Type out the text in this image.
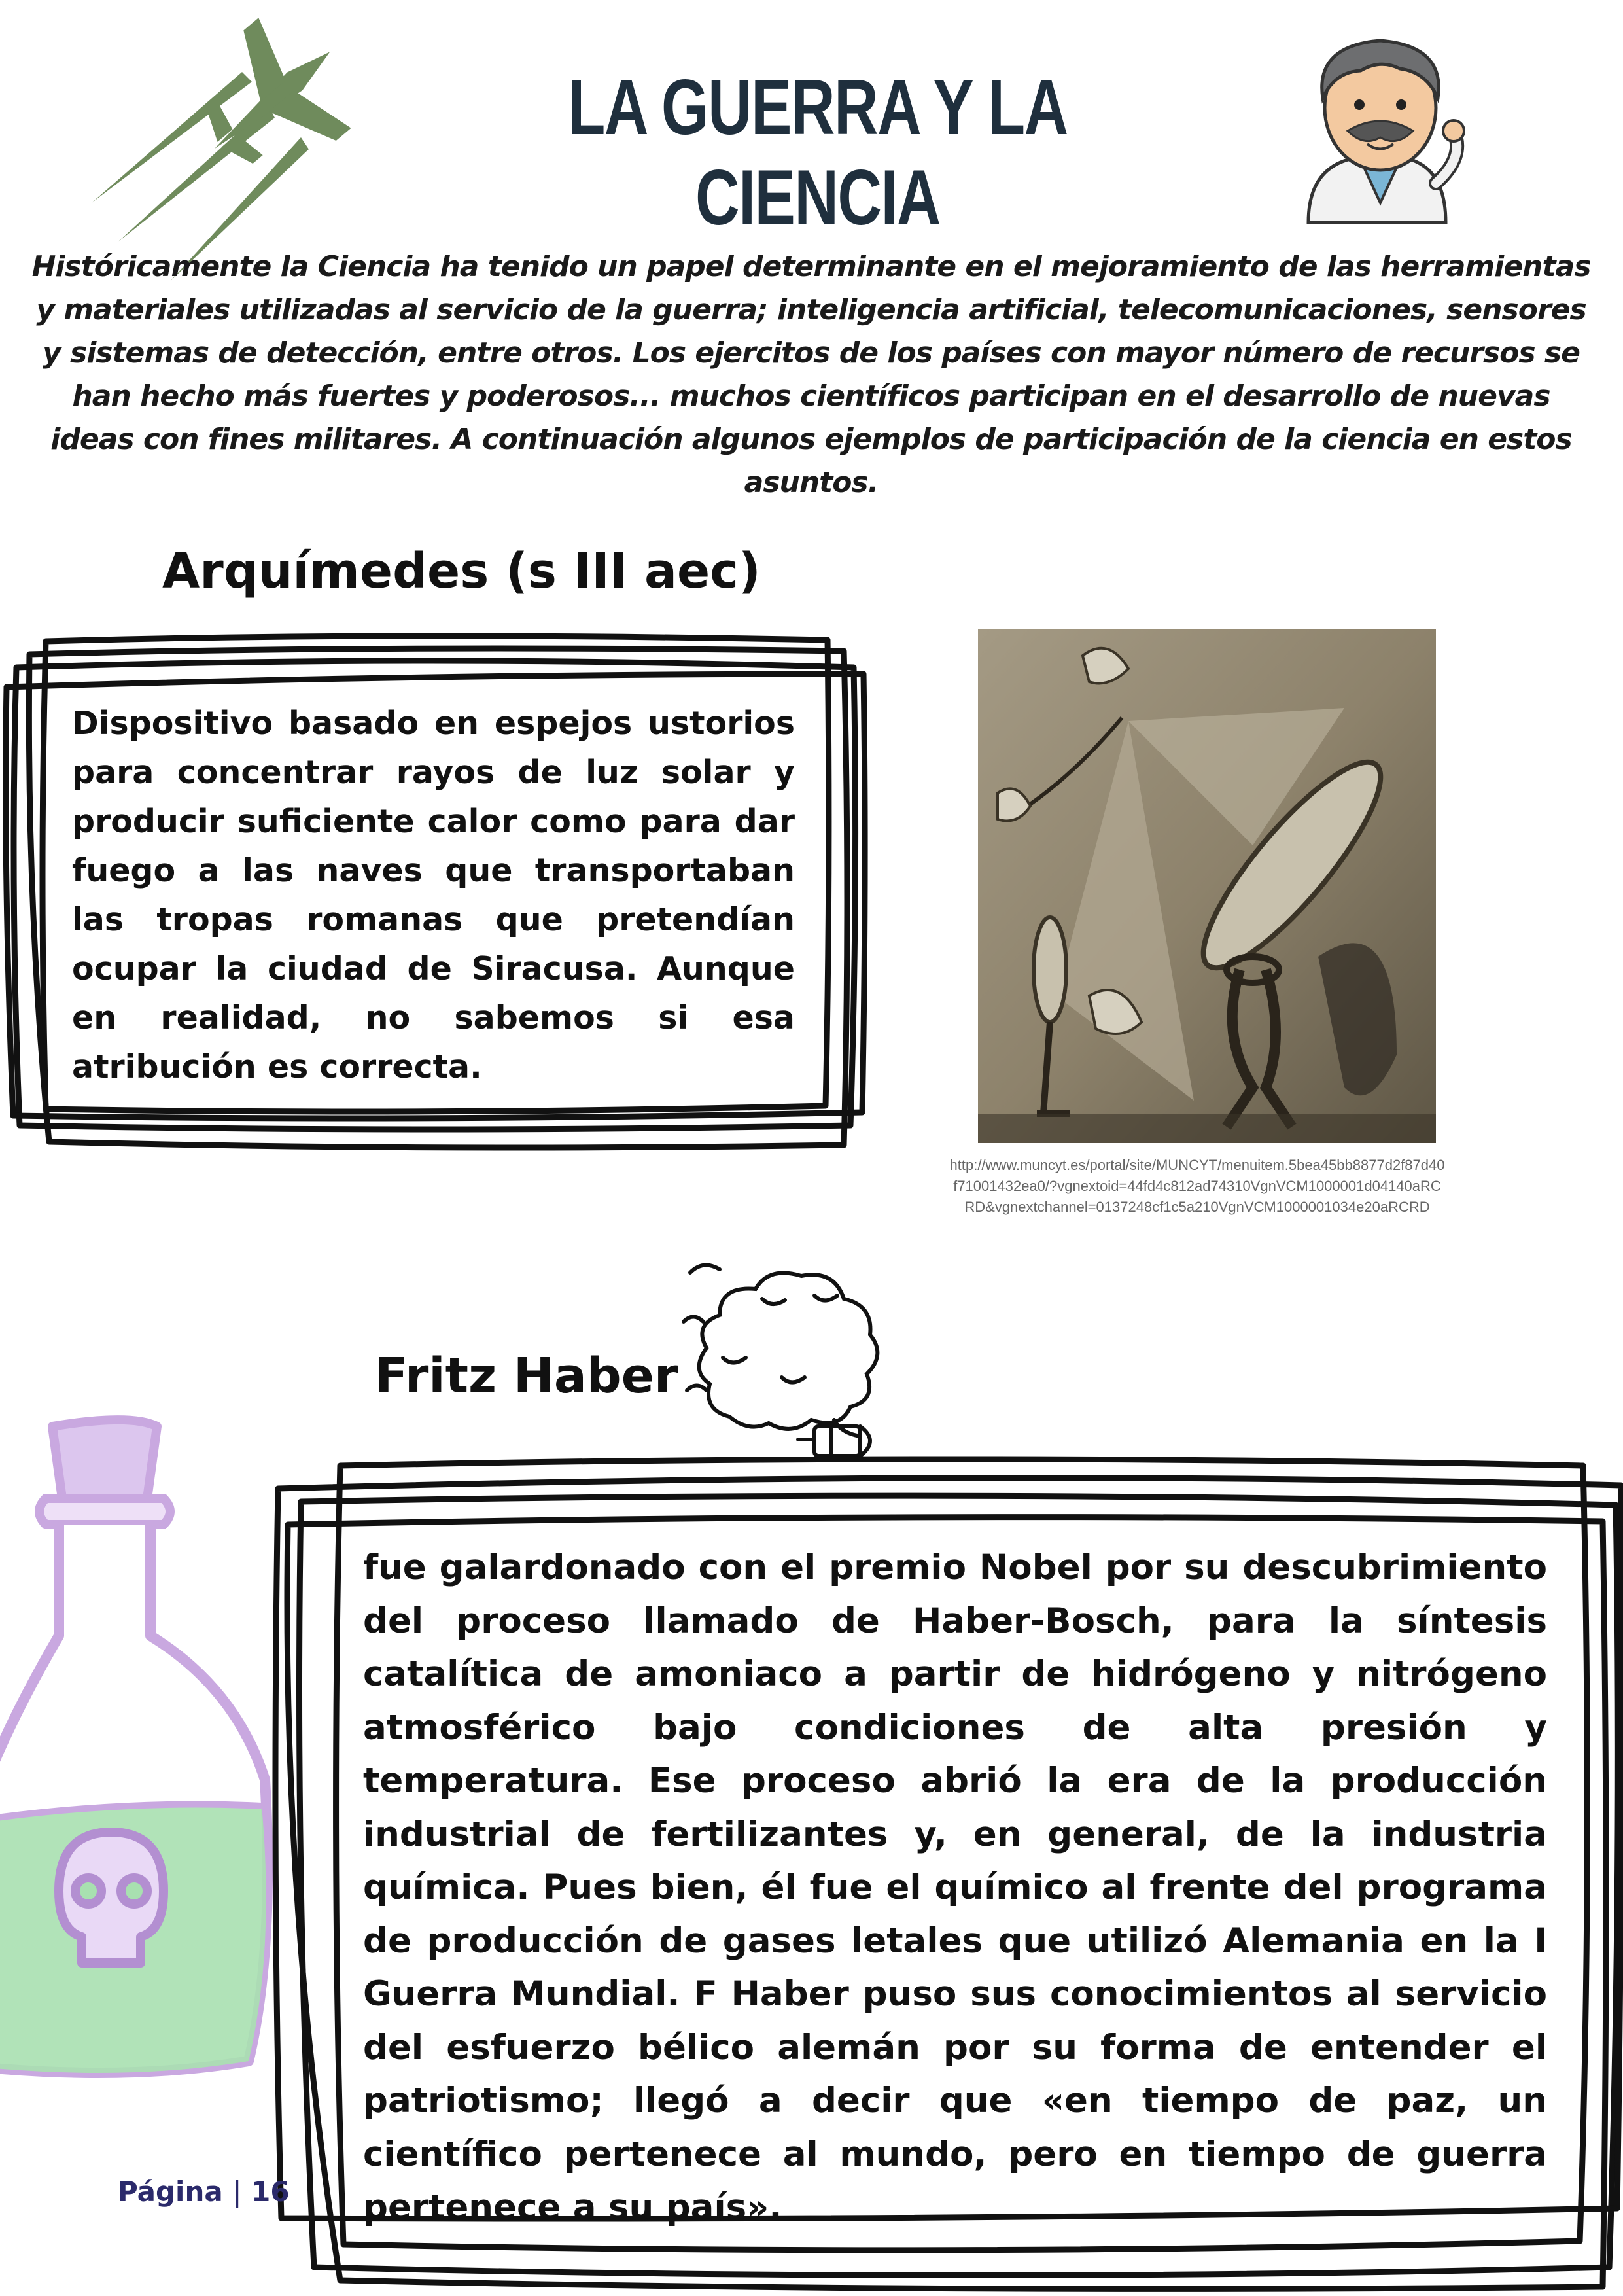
LA GUERRA Y LA CIENCIA

Históricamente la Ciencia ha tenido un papel determinante en el mejoramiento de las herramientas y materiales utilizadas al servicio de la guerra; inteligencia artificial, telecomunicaciones, sensores y sistemas de detección, entre otros. Los ejercitos de los países con mayor número de recursos se han hecho más fuertes y poderosos... muchos científicos participan en el desarrollo de nuevas ideas con fines militares. A continuación algunos ejemplos de participación de la ciencia en estos asuntos.

Arquímedes (s III aec)

Dispositivo basado en espejos ustorios para concentrar rayos de luz solar y producir suficiente calor como para dar fuego a las naves que transportaban las tropas romanas que pretendían ocupar la ciudad de Siracusa. Aunque en realidad, no sabemos si esa atribución es correcta.

http://www.muncyt.es/portal/site/MUNCYT/menuitem.5bea45bb8877d2f87d40f71001432ea0/?vgnextoid=44fd4c812ad74310VgnVCM1000001d04140aRCRD&vgnextchannel=0137248cf1c5a210VgnVCM1000001034e20aRCRD

Fritz Haber

fue galardonado con el premio Nobel por su descubrimiento del proceso llamado de Haber-Bosch, para la síntesis catalítica de amoniaco a partir de hidrógeno y nitrógeno atmosférico bajo condiciones de alta presión y temperatura. Ese proceso abrió la era de la producción industrial de fertilizantes y, en general, de la industria química. Pues bien, él fue el químico al frente del programa de producción de gases letales que utilizó Alemania en la I Guerra Mundial. F Haber puso sus conocimientos al servicio del esfuerzo bélico alemán por su forma de entender el patriotismo; llegó a decir que «en tiempo de paz, un científico pertenece al mundo, pero en tiempo de guerra pertenece a su país».

Página | 16
